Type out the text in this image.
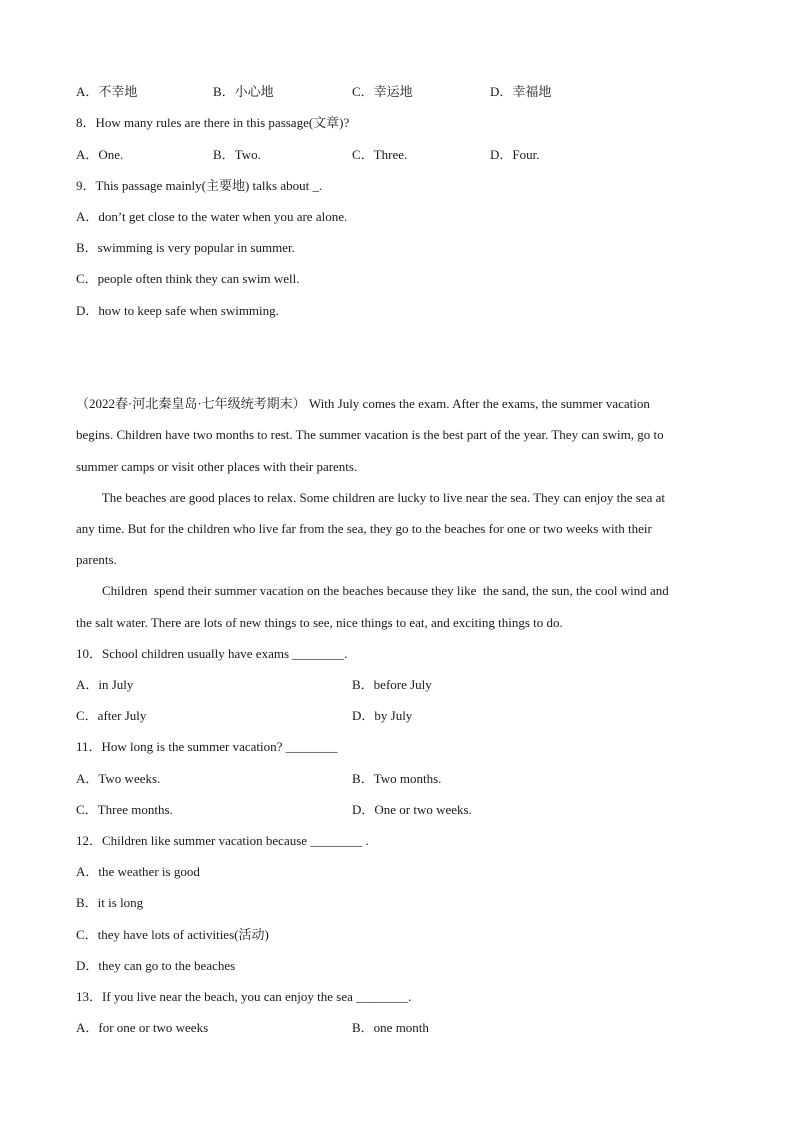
A．不幸地	B．小心地	C．幸运地	D．幸福地
8．How many rules are there in this passage(文章)?
A．One.	B．Two.	C．Three.	D．Four.
9．This passage mainly(主要地) talks about _.
A．don’t get close to the water when you are alone.
B．swimming is very popular in summer.
C．people often think they can swim well.
D．how to keep safe when swimming.
（2022春·河北秦皇岛·七年级统考期末） With July comes the exam. After the exams, the summer vacation
begins. Children have two months to rest. The summer vacation is the best part of the year. They can swim, go to
summer camps or visit other places with their parents.
The beaches are good places to relax. Some children are lucky to live near the sea. They can enjoy the sea at
any time. But for the children who live far from the sea, they go to the beaches for one or two weeks with their
parents.
Children  spend their summer vacation on the beaches because they like  the sand, the sun, the cool wind and
the salt water. There are lots of new things to see, nice things to eat, and exciting things to do.
10．School children usually have exams ________.
A．in July	B．before July
C．after July	D．by July
11．How long is the summer vacation? ________
A．Two weeks.	B．Two months.
C．Three months.	D．One or two weeks.
12．Children like summer vacation because ________ .
A．the weather is good
B．it is long
C．they have lots of activities(活动)
D．they can go to the beaches
13．If you live near the beach, you can enjoy the sea ________.
A．for one or two weeks	B．one month
